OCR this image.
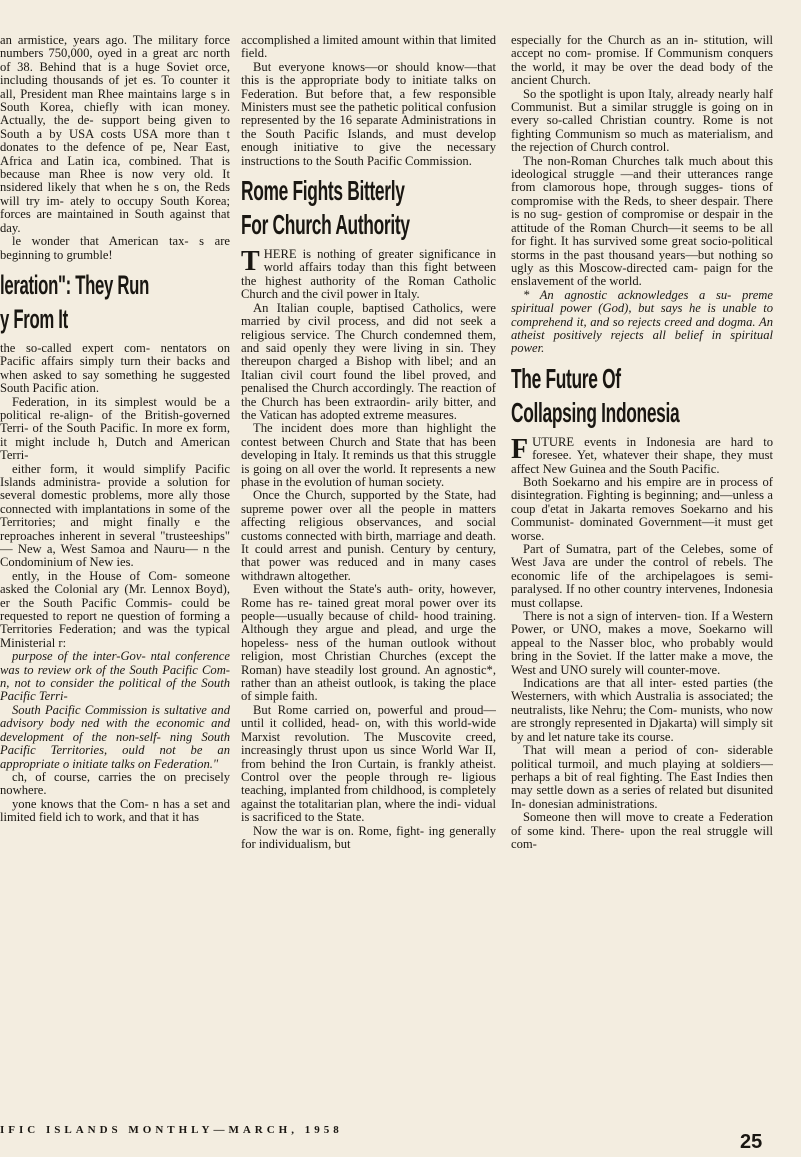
an armistice, years ago. The military force numbers 750,000, oyed in a great arc north of 38. Behind that is a huge Soviet orce, including thousands of jet es. To counter it all, President man Rhee maintains large s in South Korea, chiefly with ican money. Actually, the de- support being given to South a by USA costs USA more than t donates to the defence of pe, Near East, Africa and Latin ica, combined. That is because man Rhee is now very old. It nsidered likely that when he s on, the Reds will try im- ately to occupy South Korea; forces are maintained in South against that day.

le wonder that American tax- s are beginning to grumble!

leration": They Run
y From It

the so-called expert com- nentators on Pacific affairs simply turn their backs and when asked to say something he suggested South Pacific ation.

Federation, in its simplest would be a political re-align- of the British-governed Terri- of the South Pacific. In more ex form, it might include h, Dutch and American Terri-

either form, it would simplify Pacific Islands administra- provide a solution for several domestic problems, more ally those connected with implantations in some of the Territories; and might finally e the reproaches inherent in several "trusteeships" — New a, West Samoa and Nauru— n the Condominium of New ies.

ently, in the House of Com- someone asked the Colonial ary (Mr. Lennox Boyd), er the South Pacific Commis- could be requested to report ne question of forming a Territories Federation; and was the typical Ministerial r:

purpose of the inter-Gov- ntal conference was to review ork of the South Pacific Com- n, not to consider the political of the South Pacific Terri-

South Pacific Commission is sultative and advisory body ned with the economic and development of the non-self- ning South Pacific Territories, ould not be an appropriate o initiate talks on Federation."

ch, of course, carries the on precisely nowhere.

yone knows that the Com- n has a set and limited field ich to work, and that it has

accomplished a limited amount within that limited field.

But everyone knows—or should know—that this is the appropriate body to initiate talks on Federation. But before that, a few responsible Ministers must see the pathetic political confusion represented by the 16 separate Administrations in the South Pacific Islands, and must develop enough initiative to give the necessary instructions to the South Pacific Commission.

Rome Fights Bitterly
For Church Authority

THERE is nothing of greater significance in world affairs today than this fight between the highest authority of the Roman Catholic Church and the civil power in Italy.

An Italian couple, baptised Catholics, were married by civil process, and did not seek a religious service. The Church condemned them, and said openly they were living in sin. They thereupon charged a Bishop with libel; and an Italian civil court found the libel proved, and penalised the Church accordingly. The reaction of the Church has been extraordin- arily bitter, and the Vatican has adopted extreme measures.

The incident does more than highlight the contest between Church and State that has been developing in Italy. It reminds us that this struggle is going on all over the world. It represents a new phase in the evolution of human society.

Once the Church, supported by the State, had supreme power over all the people in matters affecting religious observances, and social customs connected with birth, marriage and death. It could arrest and punish. Century by century, that power was reduced and in many cases withdrawn altogether.

Even without the State's auth- ority, however, Rome has re- tained great moral power over its people—usually because of child- hood training. Although they argue and plead, and urge the hopeless- ness of the human outlook without religion, most Christian Churches (except the Roman) have steadily lost ground. An agnostic*, rather than an atheist outlook, is taking the place of simple faith.

But Rome carried on, powerful and proud—until it collided, head- on, with this world-wide Marxist revolution. The Muscovite creed, increasingly thrust upon us since World War II, from behind the Iron Curtain, is frankly atheist. Control over the people through re- ligious teaching, implanted from childhood, is completely against the totalitarian plan, where the indi- vidual is sacrificed to the State.

Now the war is on. Rome, fight- ing generally for individualism, but

especially for the Church as an in- stitution, will accept no com- promise. If Communism conquers the world, it may be over the dead body of the ancient Church.

So the spotlight is upon Italy, already nearly half Communist. But a similar struggle is going on in every so-called Christian country. Rome is not fighting Communism so much as materialism, and the rejection of Church control.

The non-Roman Churches talk much about this ideological struggle —and their utterances range from clamorous hope, through sugges- tions of compromise with the Reds, to sheer despair. There is no sug- gestion of compromise or despair in the attitude of the Roman Church—it seems to be all for fight. It has survived some great socio-political storms in the past thousand years—but nothing so ugly as this Moscow-directed cam- paign for the enslavement of the world.

* An agnostic acknowledges a su- preme spiritual power (God), but says he is unable to comprehend it, and so rejects creed and dogma. An atheist positively rejects all belief in spiritual power.

The Future Of
Collapsing Indonesia

FUTURE events in Indonesia are hard to foresee. Yet, whatever their shape, they must affect New Guinea and the South Pacific.

Both Soekarno and his empire are in process of disintegration. Fighting is beginning; and—unless a coup d'etat in Jakarta removes Soekarno and his Communist- dominated Government—it must get worse.

Part of Sumatra, part of the Celebes, some of West Java are under the control of rebels. The economic life of the archipelagoes is semi-paralysed. If no other country intervenes, Indonesia must collapse.

There is not a sign of interven- tion. If a Western Power, or UNO, makes a move, Soekarno will appeal to the Nasser bloc, who probably would bring in the Soviet. If the latter make a move, the West and UNO surely will counter-move.

Indications are that all inter- ested parties (the Westerners, with which Australia is associated; the neutralists, like Nehru; the Com- munists, who now are strongly represented in Djakarta) will simply sit by and let nature take its course.

That will mean a period of con- siderable political turmoil, and much playing at soldiers—perhaps a bit of real fighting. The East Indies then may settle down as a series of related but disunited In- donesian administrations.

Someone then will move to create a Federation of some kind. There- upon the real struggle will com-

IFIC ISLANDS MONTHLY—MARCH, 1958
25
